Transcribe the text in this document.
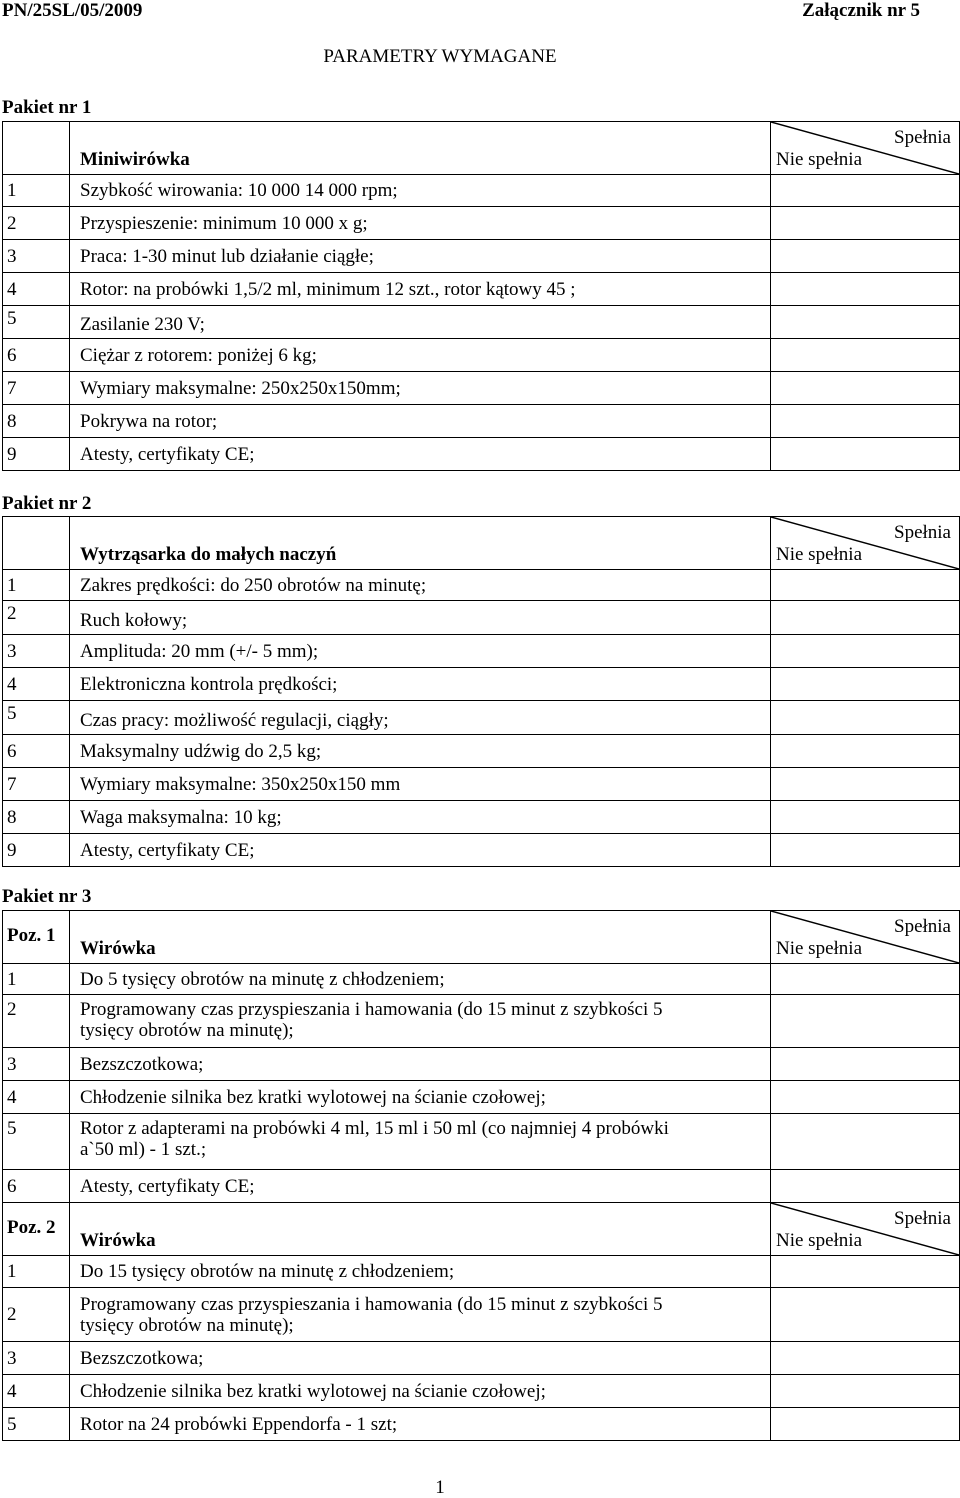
PN/25SL/05/2009	Załącznik nr 5
PARAMETRY WYMAGANE
Pakiet nr 1
	Miniwirówka	Spełnia
Nie spełnia

1	Szybkość wirowania: 10 000 14 000 rpm;	
2	Przyspieszenie: minimum 10 000 x g;	
3	Praca: 1-30 minut lub działanie ciągłe;	
4	Rotor: na probówki 1,5/2 ml, minimum 12 szt., rotor kątowy 45 ;	
5	Zasilanie 230 V;	
6	Ciężar z rotorem: poniżej 6 kg;	
7	Wymiary maksymalne: 250x250x150mm;	
8	Pokrywa na rotor;	
9	Atesty, certyfikaty CE;	
Pakiet nr 2
	Wytrząsarka do małych naczyń	Spełnia
Nie spełnia

1	Zakres prędkości: do 250 obrotów na minutę;	
2	Ruch kołowy;	
3	Amplituda: 20 mm (+/- 5 mm);	
4	Elektroniczna kontrola prędkości;	
5	Czas pracy: możliwość regulacji, ciągły;	
6	Maksymalny udźwig do 2,5 kg;	
7	Wymiary maksymalne: 350x250x150 mm	
8	Waga maksymalna: 10 kg;	
9	Atesty, certyfikaty CE;	
Pakiet nr 3
Poz. 1	Wirówka	Spełnia
Nie spełnia

1	Do 5 tysięcy obrotów na minutę z chłodzeniem;	
2	Programowany czas przyspieszania i hamowania (do 15 minut z szybkości 5
tysięcy obrotów na minutę);	

3	Bezszczotkowa;	
4	Chłodzenie silnika bez kratki wylotowej na ścianie czołowej;	
5	Rotor z adapterami na probówki 4 ml, 15 ml i 50 ml (co najmniej 4 probówki
a`50 ml) - 1 szt.;	

6	Atesty, certyfikaty CE;	
Poz. 2	Wirówka	Spełnia
Nie spełnia

1	Do 15 tysięcy obrotów na minutę z chłodzeniem;	
2	Programowany czas przyspieszania i hamowania (do 15 minut z szybkości 5
tysięcy obrotów na minutę);	

3	Bezszczotkowa;	
4	Chłodzenie silnika bez kratki wylotowej na ścianie czołowej;	
5	Rotor na 24 probówki Eppendorfa - 1 szt;	
1
